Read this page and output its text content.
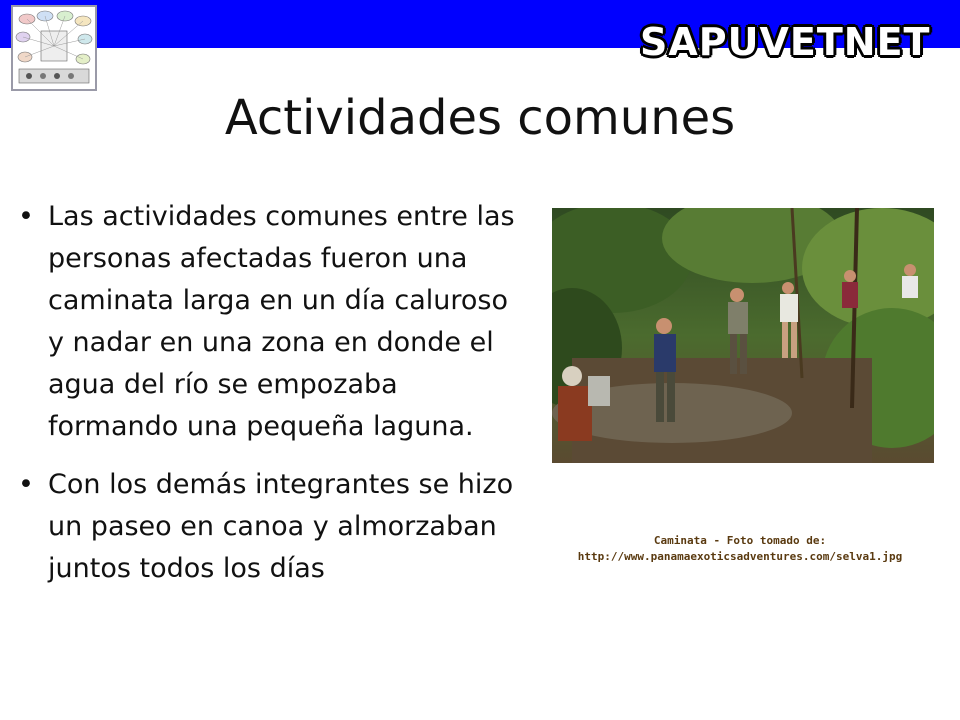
SAPUVETNET
Actividades comunes
• Las actividades comunes entre las personas afectadas fueron una caminata larga en un día caluroso y nadar en una zona en donde el agua del río se empozaba formando una pequeña laguna.
• Con los demás integrantes se hizo un paseo en canoa y almorzaban juntos todos los días
Caminata - Foto tomado de:
http://www.panamaexoticsadventures.com/selva1.jpg
